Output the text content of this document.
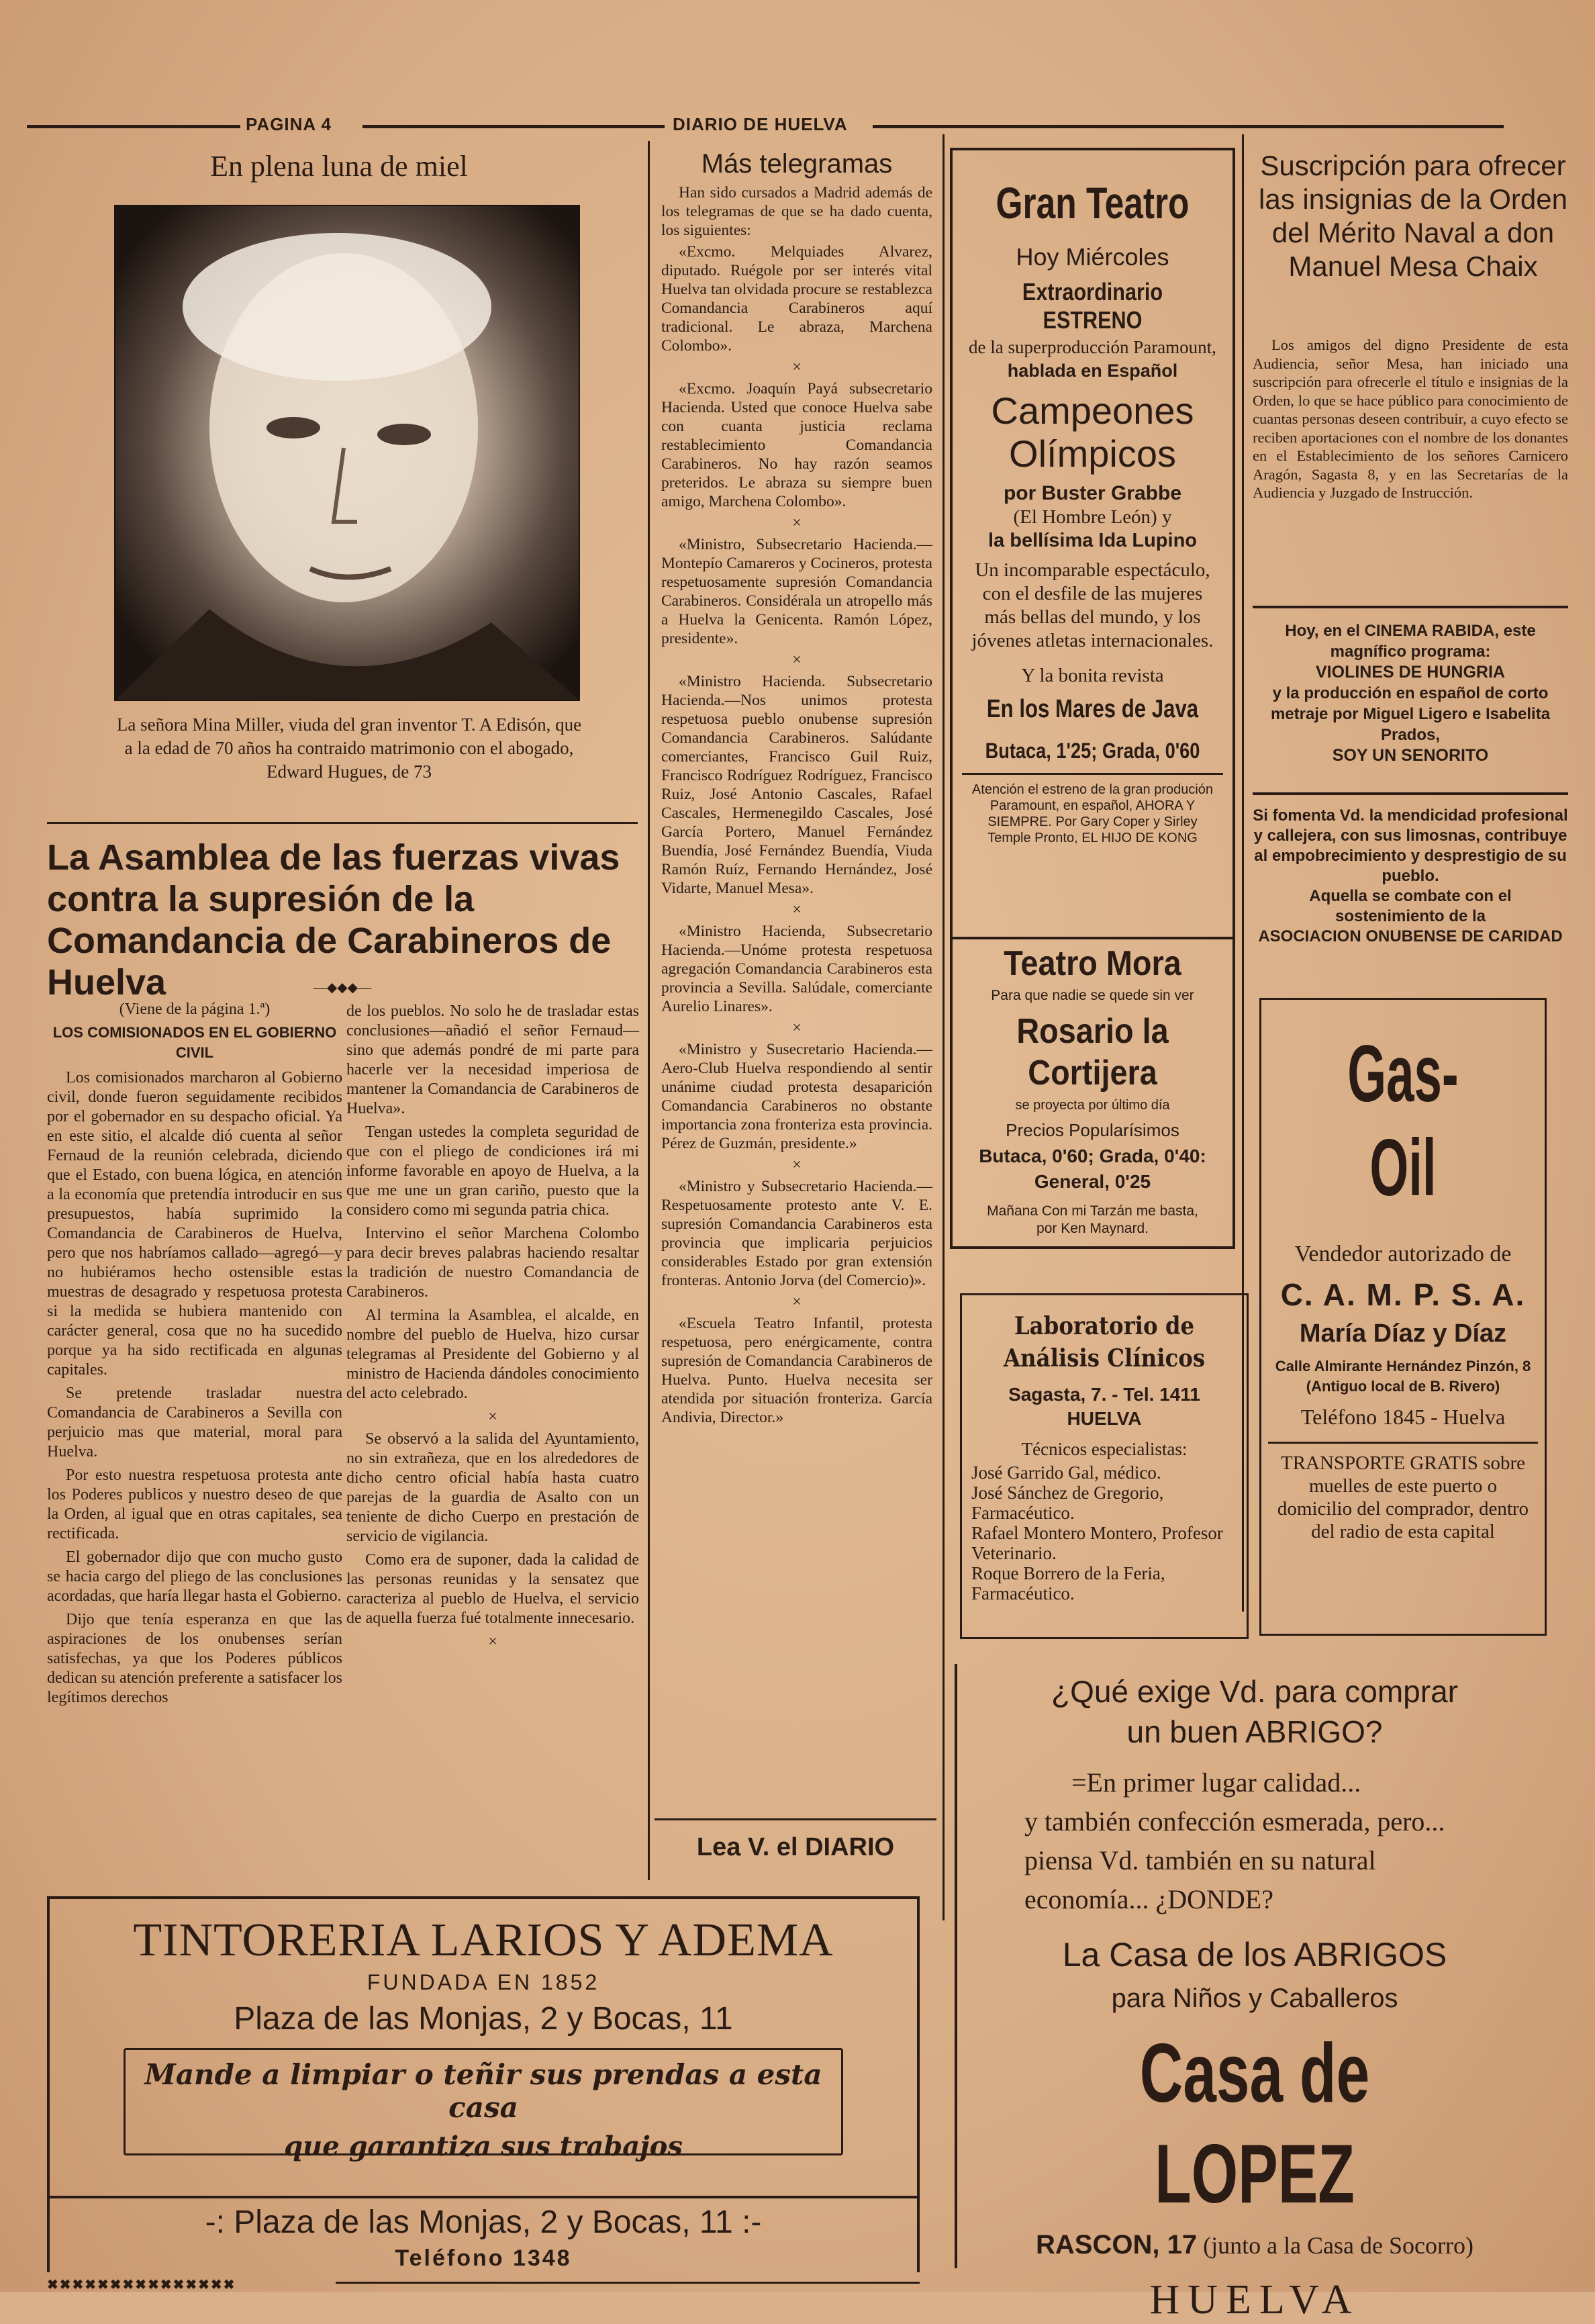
PAGINA 4	DIARIO DE HUELVA
En plena luna de miel
La señora Mina Miller, viuda del gran inventor T. A Edisón, que a la edad de 70 años ha contraido matrimonio con el abogado, Edward Hugues, de 73
La Asamblea de las fuerzas vivas contra la supresión de la Comandancia de Carabineros de Huelva	—◆◆◆—
(Viene de la página 1.ª)
LOS COMISIONADOS EN EL GOBIERNO CIVIL

Los comisionados marcharon al Gobierno civil, donde fueron seguidamente recibidos por el gobernador en su despacho oficial. Ya en este sitio, el alcalde dió cuenta al señor Fernaud de la reunión celebrada, diciendo que el Estado, con buena lógica, en atención a la economía que pretendía introducir en sus presupuestos, había suprimido la Comandancia de Carabineros de Huelva, pero que nos habríamos callado—agregó—y no hubiéramos hecho ostensible estas muestras de desagrado y respetuosa protesta si la medida se hubiera mantenido con carácter general, cosa que no ha sucedido porque ya ha sido rectificada en algunas capitales.

Se pretende trasladar nuestra Comandancia de Carabineros a Sevilla con perjuicio mas que material, moral para Huelva.

Por esto nuestra respetuosa protesta ante los Poderes publicos y nuestro deseo de que la Orden, al igual que en otras capitales, sea rectificada.

El gobernador dijo que con mucho gusto se hacia cargo del pliego de las conclusiones acordadas, que haría llegar hasta el Gobierno.

Dijo que tenía esperanza en que las aspiraciones de los onubenses serían satisfechas, ya que los Poderes públicos dedican su atención preferente a satisfacer los legítimos derechos

de los pueblos. No solo he de trasladar estas conclusiones—añadió el señor Fernaud—sino que además pondré de mi parte para hacerle ver la necesidad imperiosa de mantener la Comandancia de Carabineros de Huelva».

Tengan ustedes la completa seguridad de que con el pliego de condiciones irá mi informe favorable en apoyo de Huelva, a la que me une un gran cariño, puesto que la considero como mi segunda patria chica.

Intervino el señor Marchena Colombo para decir breves palabras haciendo resaltar la tradición de nuestro Comandancia de Carabineros.

Al termina la Asamblea, el alcalde, en nombre del pueblo de Huelva, hizo cursar telegramas al Presidente del Gobierno y al ministro de Hacienda dándoles conocimiento del acto celebrado.

×

Se observó a la salida del Ayuntamiento, no sin extrañeza, que en los alrededores de dicho centro oficial había hasta cuatro parejas de la guardia de Asalto con un teniente de dicho Cuerpo en prestación de servicio de vigilancia.

Como era de suponer, dada la calidad de las personas reunidas y la sensatez que caracteriza al pueblo de Huelva, el servicio de aquella fuerza fué totalmente innecesario.

×
Más telegramas
Han sido cursados a Madrid además de los telegramas de que se ha dado cuenta, los siguientes:
«Excmo. Melquiades Alvarez, diputado. Ruégole por ser interés vital Huelva tan olvidada procure se restablezca Comandancia Carabineros aquí tradicional. Le abraza, Marchena Colombo».
×
«Excmo. Joaquín Payá subsecretario Hacienda. Usted que conoce Huelva sabe con cuanta justicia reclama restablecimiento Comandancia Carabineros. No hay razón seamos preteridos. Le abraza su siempre buen amigo, Marchena Colombo».
×
«Ministro, Subsecretario Hacienda.—Montepío Camareros y Cocineros, protesta respetuosamente supresión Comandancia Carabineros. Considérala un atropello más a Huelva la Genicenta. Ramón López, presidente».
×
«Ministro Hacienda. Subsecretario Hacienda.—Nos unimos protesta respetuosa pueblo onubense supresión Comandancia Carabineros. Salúdante comerciantes, Francisco Guil Ruiz, Francisco Rodríguez Rodríguez, Francisco Ruiz, José Antonio Cascales, Rafael Cascales, Hermenegildo Cascales, José García Portero, Manuel Fernández Buendía, José Fernández Buendía, Viuda Ramón Ruíz, Fernando Hernández, José Vidarte, Manuel Mesa».
×
«Ministro Hacienda, Subsecretario Hacienda.—Unóme protesta respetuosa agregación Comandancia Carabineros esta provincia a Sevilla. Salúdale, comerciante Aurelio Linares».
×
«Ministro y Susecretario Hacienda.—Aero-Club Huelva respondiendo al sentir unánime ciudad protesta desaparición Comandancia Carabineros no obstante importancia zona fronteriza esta provincia. Pérez de Guzmán, presidente.»
×
«Ministro y Subsecretario Hacienda.—Respetuosamente protesto ante V. E. supresión Comandancia Carabineros esta provincia que implicaria perjuicios considerables Estado por gran extensión fronteras. Antonio Jorva (del Comercio)».
×
«Escuela Teatro Infantil, protesta respetuosa, pero enérgicamente, contra supresión de Comandancia Carabineros de Huelva. Punto. Huelva necesita ser atendida por situación fronteriza. García Andivia, Director.»
Lea V. el DIARIO
Gran Teatro
Hoy Miércoles
Extraordinario ESTRENO
de la superproducción Paramount,
hablada en Español
Campeones Olímpicos
por Buster Grabbe
(El Hombre León) y
la bellísima Ida Lupino
Un incomparable espectáculo, con el desfile de las mujeres más bellas del mundo, y los jóvenes atletas internacionales.
Y la bonita revista
En los Mares de Java
Butaca, 1'25; Grada, 0'60
Atención el estreno de la gran produción Paramount, en español, AHORA Y SIEMPRE. Por Gary Coper y Sirley Temple Pronto, EL HIJO DE KONG
Teatro Mora
Para que nadie se quede sin ver
Rosario la Cortijera
se proyecta por último día
Precios Popularísimos
Butaca, 0'60; Grada, 0'40: General, 0'25
Mañana Con mi Tarzán me basta, por Ken Maynard.
Laboratorio de Análisis Clínicos
Sagasta, 7. - Tel. 1411
HUELVA
Técnicos especialistas:
José Garrido Gal, médico.
José Sánchez de Gregorio, Farmacéutico.
Rafael Montero Montero, Profesor Veterinario.
Roque Borrero de la Feria, Farmacéutico.
Suscripción para ofrecer las insignias de la Orden del Mérito Naval a don Manuel Mesa Chaix

Los amigos del digno Presidente de esta Audiencia, señor Mesa, han iniciado una suscripción para ofrecerle el título e insignias de la Orden, lo que se hace público para conocimiento de cuantas personas deseen contribuir, a cuyo efecto se reciben aportaciones con el nombre de los donantes en el Establecimiento de los señores Carnicero Aragón, Sagasta 8, y en las Secretarías de la Audiencia y Juzgado de Instrucción.

Hoy, en el CINEMA RABIDA, este magnífico programa:
VIOLINES DE HUNGRIA
y la producción en español de corto metraje por Miguel Ligero e Isabelita Prados,
SOY UN SENORITO
Si fomenta Vd. la mendicidad profesional y callejera, con sus limosnas, contribuye al empobrecimiento y desprestigio de su pueblo.
Aquella se combate con el sostenimiento de la
ASOCIACION ONUBENSE DE CARIDAD
Gas-Oil
Vendedor autorizado de
C. A. M. P. S. A.
María Díaz y Díaz
Calle Almirante Hernández Pinzón, 8
(Antiguo local de B. Rivero)
Teléfono 1845 - Huelva
TRANSPORTE GRATIS sobre muelles de este puerto o domicilio del comprador, dentro del radio de esta capital
¿Qué exige Vd. para comprar
un buen ABRIGO?
=En primer lugar calidad...
y también confección esmerada, pero...
piensa Vd. también en su natural
economía... ¿DONDE?
La Casa de los ABRIGOS
para Niños y Caballeros
Casa de LOPEZ
RASCON, 17 (junto a la Casa de Socorro)
HUELVA
TINTORERIA LARIOS Y ADEMA
FUNDADA EN 1852
Plaza de las Monjas, 2 y Bocas, 11
Mande a limpiar o teñir sus prendas a esta casa
que garantiza sus trabajos
-: Plaza de las Monjas, 2 y Bocas, 11 :-
Teléfono 1348
✖✖✖✖✖✖✖✖✖✖✖✖✖✖✖
